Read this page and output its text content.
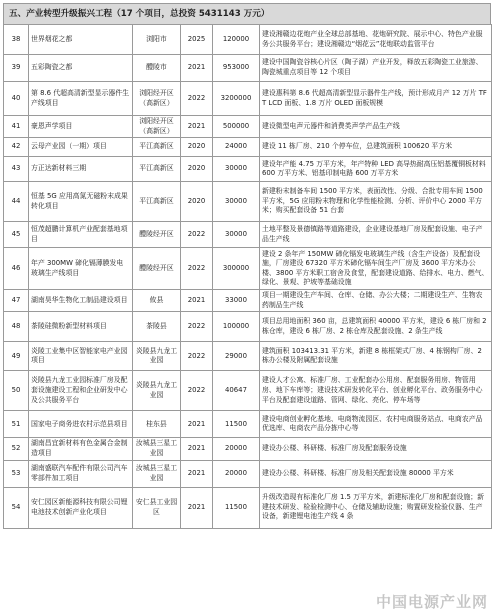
五、产业转型升级振兴工程（17 个项目，总投资 5431143 万元）
38	世界烟花之都	浏阳市	2025	120000	建设湘赣边花炮产业全球总部基地、花炮研究院、展示中心、特色产业服务公共服务平台；建设湘赣边“烟花云”花炮联动监管平台
39	五彩陶瓷之都	醴陵市	2021	953000	建设中国陶瓷谷核心片区（陶子湖）产业开发，释放五彩陶瓷工业旅游、陶瓷城重点项目等 12 个项目
40	第 8.6 代超高清新型显示器件生产线项目	浏阳经开区（高新区）	2022	3200000	建设惠科第 8.6 代超高清新型显示器件生产线，预计形成月产 12 万片 TFT LCD 面板、1.8 万片 OLED 面板规模
41	豪恩声学项目	浏阳经开区（高新区）	2021	500000	建设微型电声元器件和消费类声学产品生产线
42	云母产业园（一期）项目	平江高新区	2020	24000	建设 11 栋厂房、210 个停车位，总建筑面积 100620 平方米
43	方正达新材料三期	平江高新区	2020	30000	建设年产能 4.75 万平方米，年产特种 LED 高导热耐高压铝基覆铜板材料 600 万平方米、铝基印制电路 600 万平方米
44	恒基 5G 应用高氮无磁粉末成果转化项目	平江高新区	2020	30000	新建粉末制备车间 1500 平方米，表面改性、分级、合批专用车间 1500 平方米，5G 应用粉末物理和化学性能检测、分析、评价中心 2000 平方米；购买配套设备 51 台套
45	恒茂超鹏计算机产业配套基地项目	醴陵经开区	2022	30000	土地平整及景德镇路等道路建设，企业建设基地厂房及配套设施、电子产品生产线
46	年产 300MW 碲化镉薄膜发电玻璃生产线项目	醴陵经开区	2022	300000	建设 2 条年产 150MW 碲化镉发电玻璃生产线（含生产设备）及配套设施，厂房建设 67320 平方米碲化镉车间生产厂房及 3600 平方米办公楼、3800 平方米职工宿舍及食堂，配套建设道路、给排水、电力、燃气、绿化、景观、护坡等基础设施
47	湖南昊华生物化工制品建设项目	攸县	2021	33000	项目一期建设生产车间、仓库、仓储、办公大楼；二期建设生产、生物农药制品生产线
48	茶陵硅微粉新型材料项目	茶陵县	2022	100000	项目总用地面积 360 亩，总建筑面积 40000 平方米，建设 6 栋厂房和 2 栋仓库，建设 6 栋厂房、2 栋仓库及配套设施、2 条生产线
49	炎陵工业集中区智能家电产业园项目	炎陵县九龙工业园	2022	29000	建筑面积 103413.31 平方米，新建 8 栋框架式厂房、4 栋钢构厂房、2 栋办公楼及附属配套设施
50	炎陵县九龙工业园标准厂房及配套设施建设工程和企业研发中心及公共服务平台	炎陵县九龙工业园	2022	40647	建设人才公寓、标准厂房、工业配套办公用房、配套服务用房、物管用房、地下车库等；建设技术研发转化平台、创业孵化平台、政务服务中心平台及配套建设道路、管网、绿化、亮化、停车场等
51	国家电子商务进农村示范县项目	桂东县	2021	11500	建设电商创业孵化基地、电商物流园区、农村电商服务站点、电商农产品优选库、电商农产品分拣中心等
52	湖南昌宜新材料有色金属合金制造项目	汝城县三星工业园	2021	20000	建设办公楼、科研楼、标准厂房及配套服务设施
53	湖南盛联汽车配件有限公司汽车零部件加工项目	汝城县三星工业园	2021	20000	建设办公楼、科研楼、标准厂房及相关配套设施 80000 平方米
54	安仁园区新能源科技有限公司锂电池技术创新产业化项目	安仁县工业园区	2021	11500	升级改造现有标准化厂房 1.5 万平方米，新建标准化厂房和配套设施；新建技术研发、检验检测中心、仓储及辅助设施；购置研发检验仪器、生产设备，新建锂电池生产线 4 条
中国电源产业网
